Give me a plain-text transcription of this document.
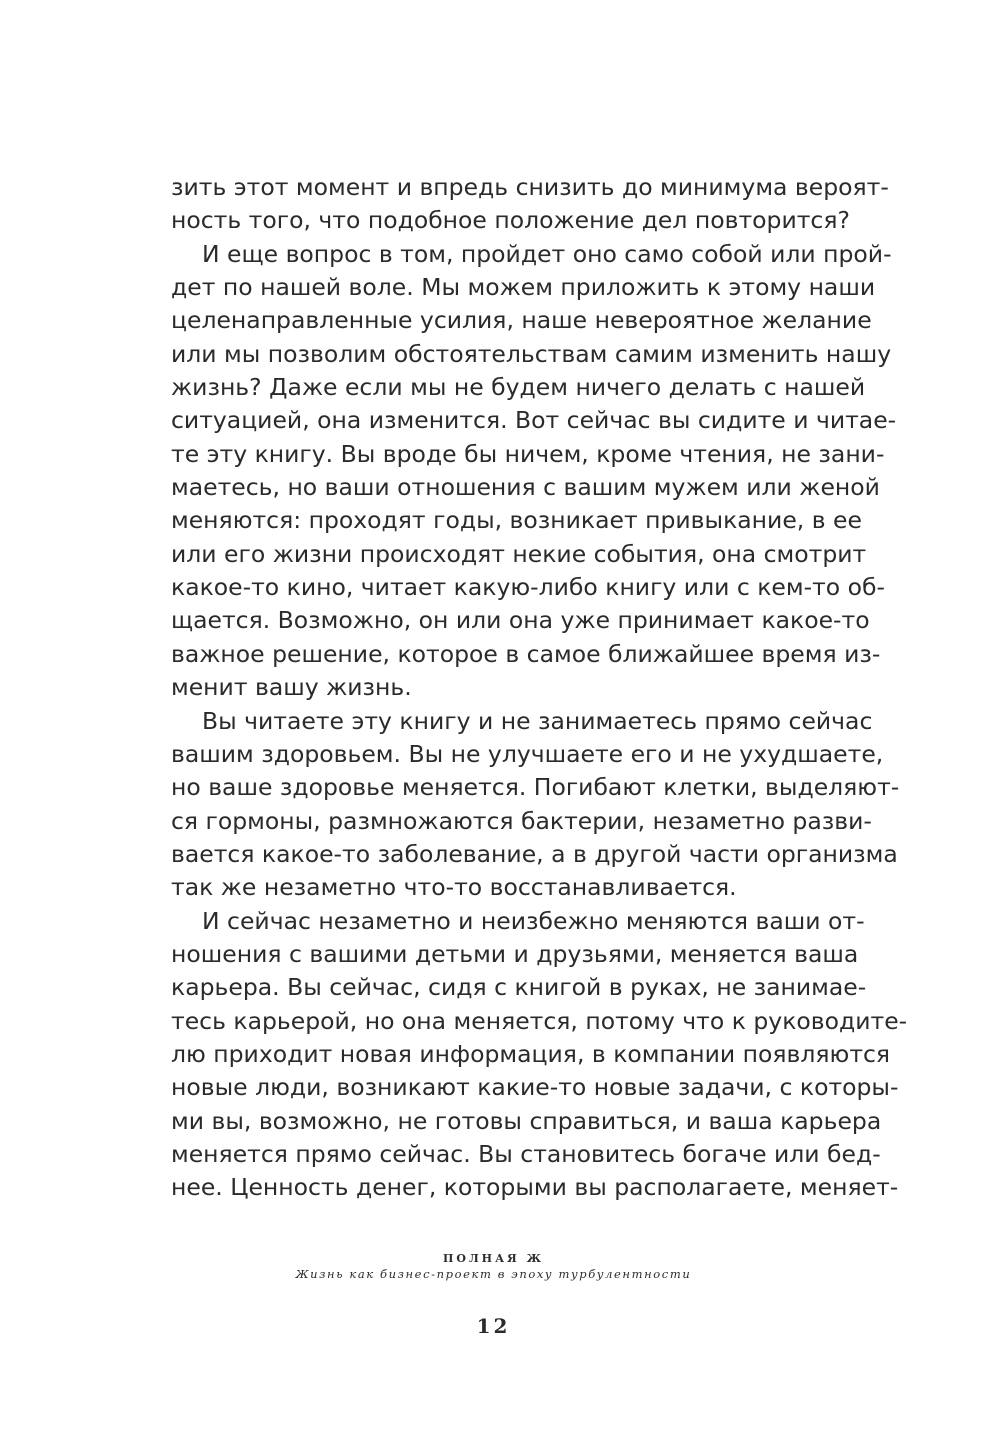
зить этот момент и впредь снизить до минимума вероят-
ность того, что подобное положение дел повторится?
И еще вопрос в том, пройдет оно само собой или прой-
дет по нашей воле. Мы можем приложить к этому наши
целенаправленные усилия, наше невероятное желание
или мы позволим обстоятельствам самим изменить нашу
жизнь? Даже если мы не будем ничего делать с нашей
ситуацией, она изменится. Вот сейчас вы сидите и читае-
те эту книгу. Вы вроде бы ничем, кроме чтения, не зани-
маетесь, но ваши отношения с вашим мужем или женой
меняются: проходят годы, возникает привыкание, в ее
или его жизни происходят некие события, она смотрит
какое-то кино, читает какую-либо книгу или с кем-то об-
щается. Возможно, он или она уже принимает какое-то
важное решение, которое в самое ближайшее время из-
менит вашу жизнь.
Вы читаете эту книгу и не занимаетесь прямо сейчас
вашим здоровьем. Вы не улучшаете его и не ухудшаете,
но ваше здоровье меняется. Погибают клетки, выделяют-
ся гормоны, размножаются бактерии, незаметно разви-
вается какое-то заболевание, а в другой части организма
так же незаметно что-то восстанавливается.
И сейчас незаметно и неизбежно меняются ваши от-
ношения с вашими детьми и друзьями, меняется ваша
карьера. Вы сейчас, сидя с книгой в руках, не занимае-
тесь карьерой, но она меняется, потому что к руководите-
лю приходит новая информация, в компании появляются
новые люди, возникают какие-то новые задачи, с которы-
ми вы, возможно, не готовы справиться, и ваша карьера
меняется прямо сейчас. Вы становитесь богаче или бед-
нее. Ценность денег, которыми вы располагаете, меняет-
ПОЛНАЯ Ж
Жизнь как бизнес-проект в эпоху турбулентности
12
